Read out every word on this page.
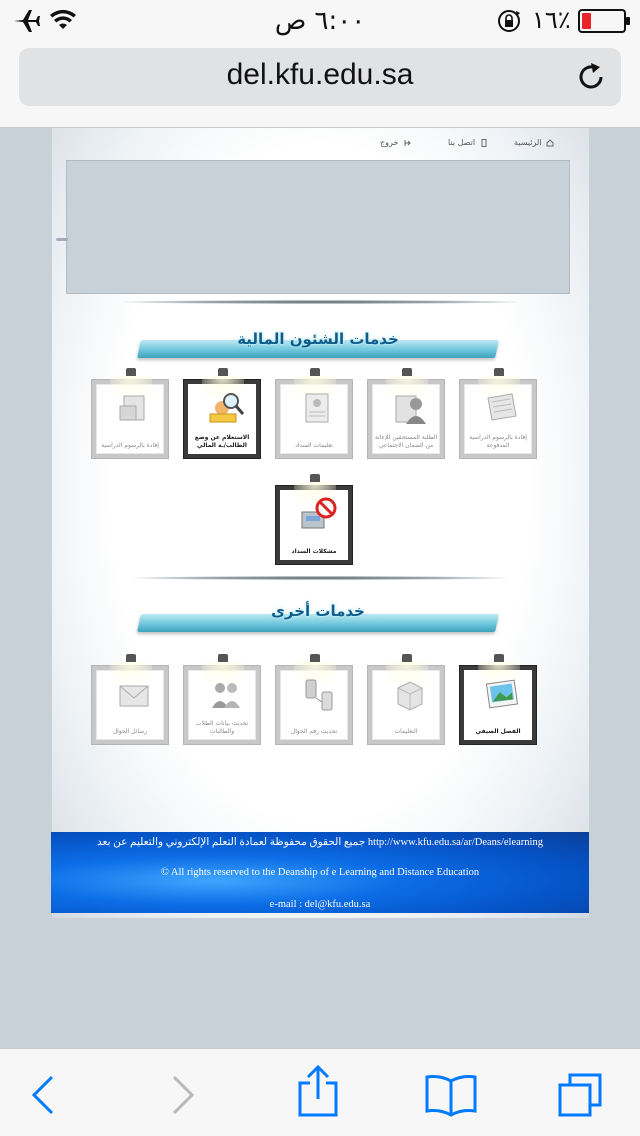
٦:٠٠ ص	١٦٪
del.kfu.edu.sa
الرئيسية
اتصل بنا
خروج
خدمات الشئون المالية
إفادة بالرسوم الدراسية المدفوعة
الطلبة المستحقين للإعانة من الضمان الاجتماعي
تعليمات السداد
الاستعلام عن وضع الطالب/ـة المالي
إفادة بالرسوم الدراسية
مشكلات السداد
خدمات أخرى
الفصل الصيفي
التعليمات
تحديث رقم الجوال
تحديث بيانات الطلاب والطالبات
رسائل الجوال
جميع الحقوق محفوظة لعمادة التعلم الإلكتروني والتعليم عن بعد http://www.kfu.edu.sa/ar/Deans/elearning
© All rights reserved to the Deanship of e Learning and Distance Education
e-mail : del@kfu.edu.sa
